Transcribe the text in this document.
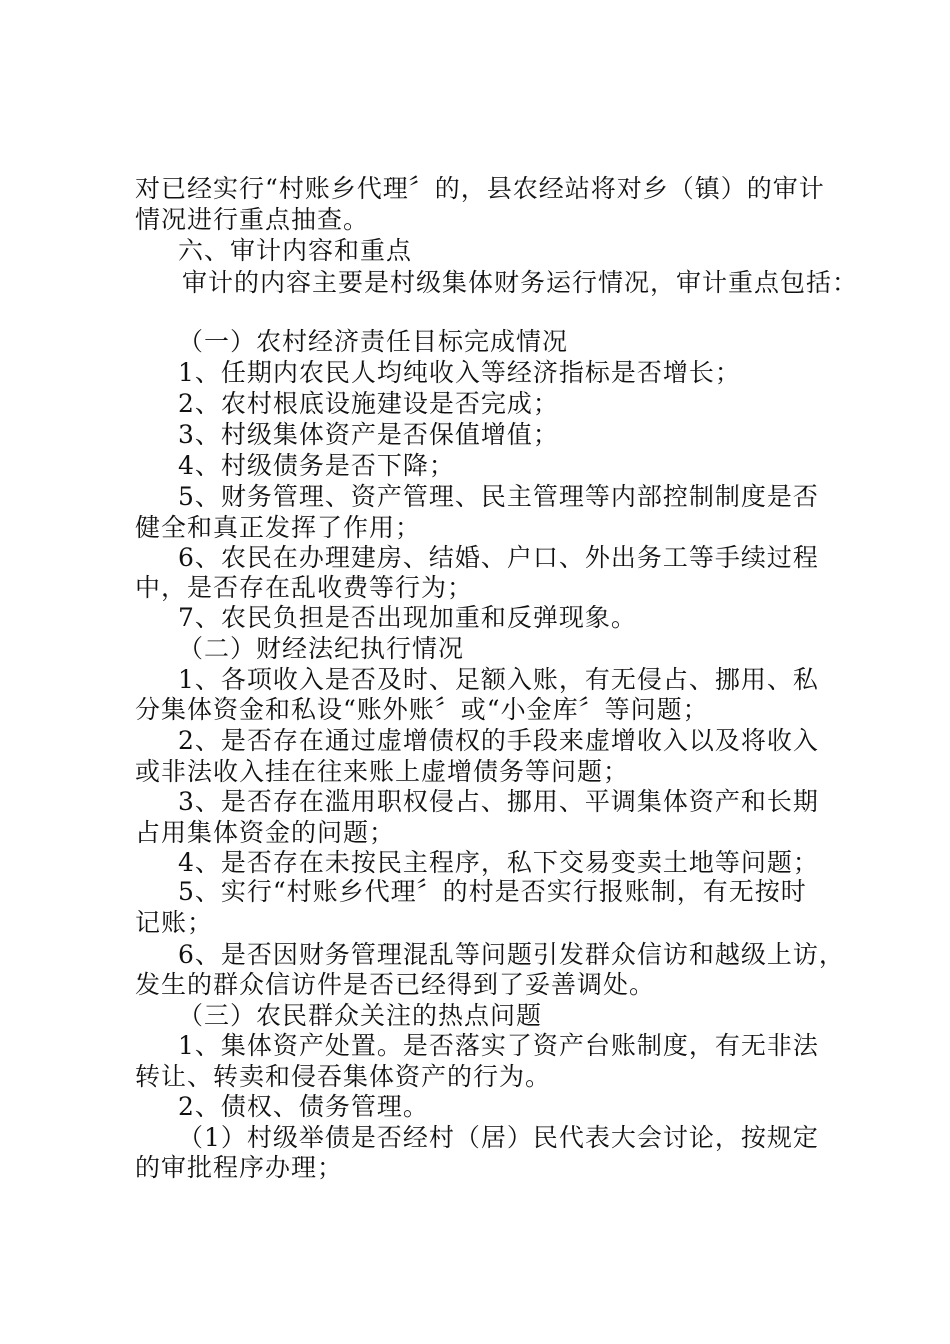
对已经实行“村账乡代理〞的，县农经站将对乡（镇）的审计
情况进行重点抽查。
六、审计内容和重点
审计的内容主要是村级集体财务运行情况，审计重点包括：
（一）农村经济责任目标完成情况
1、任期内农民人均纯收入等经济指标是否增长；
2、农村根底设施建设是否完成；
3、村级集体资产是否保值增值；
4、村级债务是否下降；
5、财务管理、资产管理、民主管理等内部控制制度是否
健全和真正发挥了作用；
6、农民在办理建房、结婚、户口、外出务工等手续过程
中，是否存在乱收费等行为；
7、农民负担是否出现加重和反弹现象。
（二）财经法纪执行情况
1、各项收入是否及时、足额入账，有无侵占、挪用、私
分集体资金和私设“账外账〞或“小金库〞等问题；
2、是否存在通过虚增债权的手段来虚增收入以及将收入
或非法收入挂在往来账上虚增债务等问题；
3、是否存在滥用职权侵占、挪用、平调集体资产和长期
占用集体资金的问题；
4、是否存在未按民主程序，私下交易变卖土地等问题；
5、实行“村账乡代理〞的村是否实行报账制，有无按时
记账；
6、是否因财务管理混乱等问题引发群众信访和越级上访，
发生的群众信访件是否已经得到了妥善调处。
（三）农民群众关注的热点问题
1、集体资产处置。是否落实了资产台账制度，有无非法
转让、转卖和侵吞集体资产的行为。
2、债权、债务管理。
（1）村级举债是否经村（居）民代表大会讨论，按规定
的审批程序办理；
